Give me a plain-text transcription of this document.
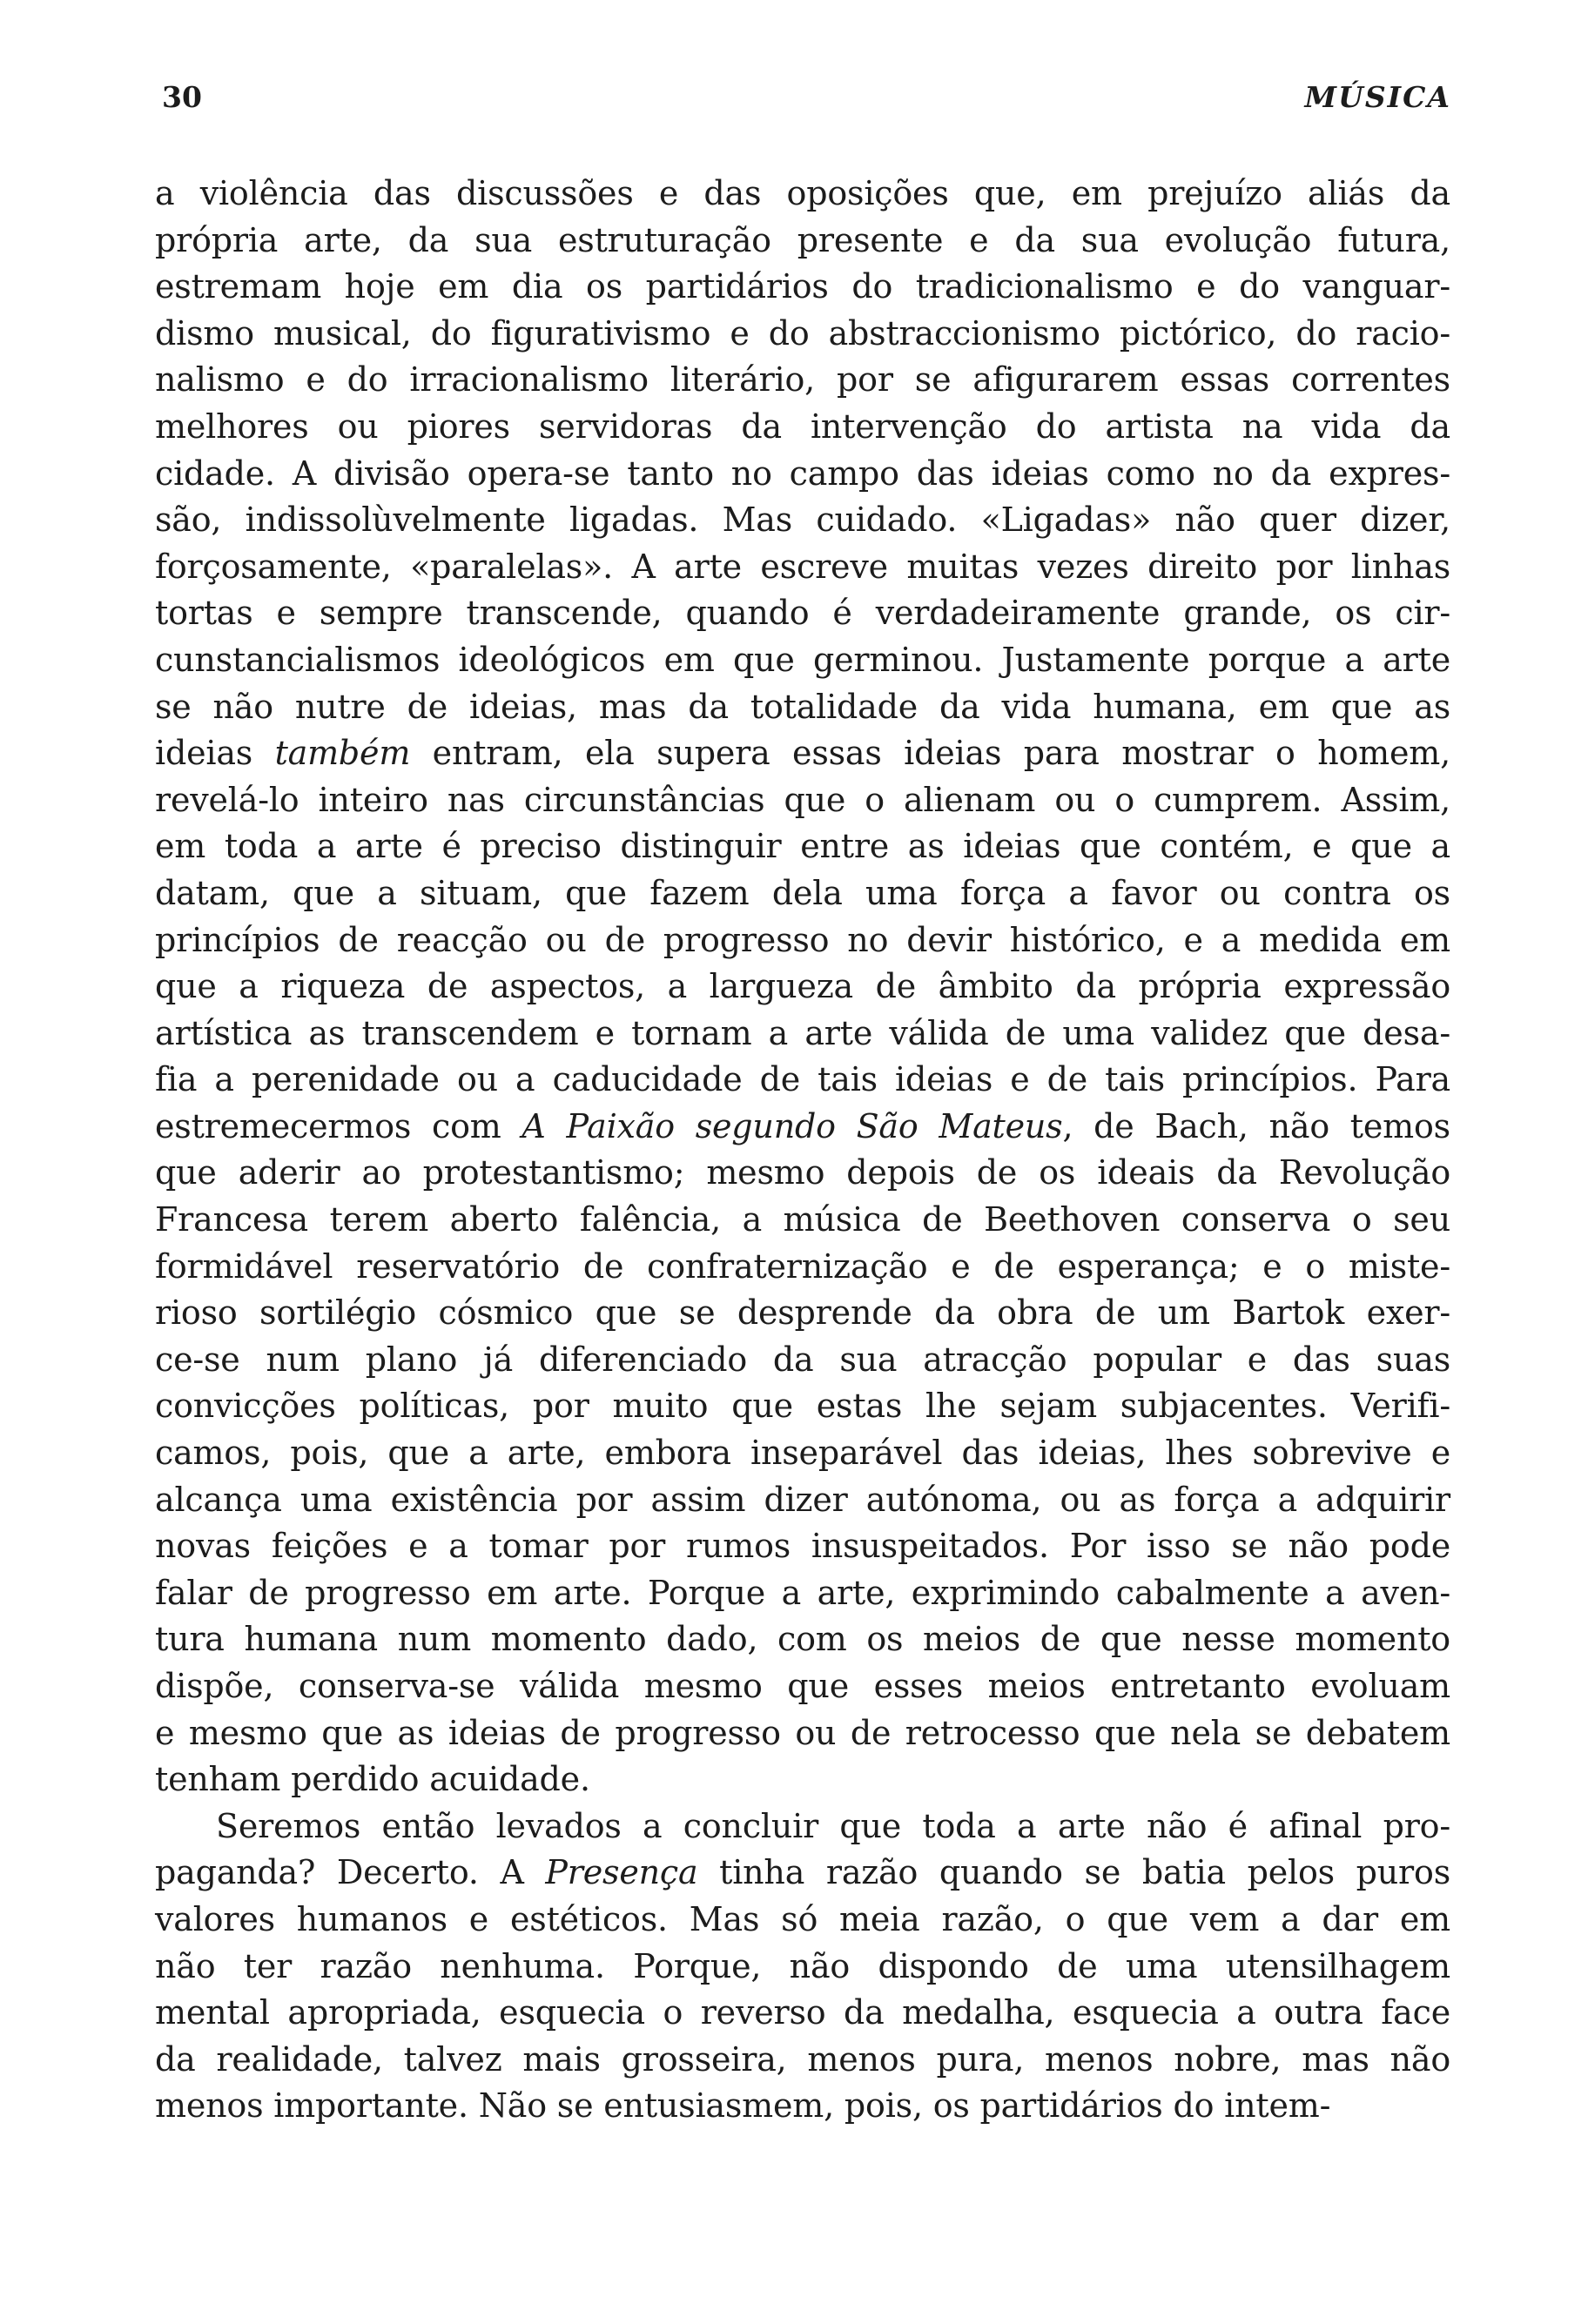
30	MÚSICA
a violência das discussões e das oposições que, em prejuízo aliás da
própria arte, da sua estruturação presente e da sua evolução futura,
estremam hoje em dia os partidários do tradicionalismo e do vanguar-
dismo musical, do figurativismo e do abstraccionismo pictórico, do racio-
nalismo e do irracionalismo literário, por se afigurarem essas correntes
melhores ou piores servidoras da intervenção do artista na vida da
cidade. A divisão opera-se tanto no campo das ideias como no da expres-
são, indissolùvelmente ligadas. Mas cuidado. «Ligadas» não quer dizer,
forçosamente, «paralelas». A arte escreve muitas vezes direito por linhas
tortas e sempre transcende, quando é verdadeiramente grande, os cir-
cunstancialismos ideológicos em que germinou. Justamente porque a arte
se não nutre de ideias, mas da totalidade da vida humana, em que as
ideias também entram, ela supera essas ideias para mostrar o homem,
revelá-lo inteiro nas circunstâncias que o alienam ou o cumprem. Assim,
em toda a arte é preciso distinguir entre as ideias que contém, e que a
datam, que a situam, que fazem dela uma força a favor ou contra os
princípios de reacção ou de progresso no devir histórico, e a medida em
que a riqueza de aspectos, a largueza de âmbito da própria expressão
artística as transcendem e tornam a arte válida de uma validez que desa-
fia a perenidade ou a caducidade de tais ideias e de tais princípios. Para
estremecermos com A Paixão segundo São Mateus, de Bach, não temos
que aderir ao protestantismo; mesmo depois de os ideais da Revolução
Francesa terem aberto falência, a música de Beethoven conserva o seu
formidável reservatório de confraternização e de esperança; e o miste-
rioso sortilégio cósmico que se desprende da obra de um Bartok exer-
ce-se num plano já diferenciado da sua atracção popular e das suas
convicções políticas, por muito que estas lhe sejam subjacentes. Verifi-
camos, pois, que a arte, embora inseparável das ideias, lhes sobrevive e
alcança uma existência por assim dizer autónoma, ou as força a adquirir
novas feições e a tomar por rumos insuspeitados. Por isso se não pode
falar de progresso em arte. Porque a arte, exprimindo cabalmente a aven-
tura humana num momento dado, com os meios de que nesse momento
dispõe, conserva-se válida mesmo que esses meios entretanto evoluam
e mesmo que as ideias de progresso ou de retrocesso que nela se debatem
tenham perdido acuidade.
Seremos então levados a concluir que toda a arte não é afinal pro-
paganda? Decerto. A Presença tinha razão quando se batia pelos puros
valores humanos e estéticos. Mas só meia razão, o que vem a dar em
não ter razão nenhuma. Porque, não dispondo de uma utensilhagem
mental apropriada, esquecia o reverso da medalha, esquecia a outra face
da realidade, talvez mais grosseira, menos pura, menos nobre, mas não
menos importante. Não se entusiasmem, pois, os partidários do intem-
